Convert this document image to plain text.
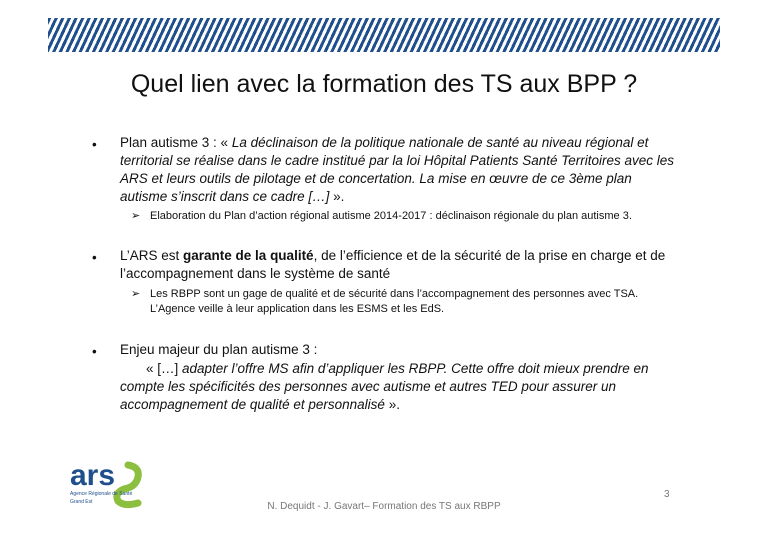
Quel lien avec la formation des TS aux BPP ?
• Plan autisme 3 : « La déclinaison de la politique nationale de santé au niveau régional et territorial se réalise dans le cadre institué par la loi Hôpital Patients Santé Territoires avec les ARS et leurs outils de pilotage et de concertation. La mise en œuvre de ce 3ème plan autisme s’inscrit dans ce cadre […] ».
➢ Elaboration du Plan d’action régional autisme 2014-2017 : déclinaison régionale du plan autisme 3.
• L’ARS est garante de la qualité, de l’efficience et de la sécurité de la prise en charge et de l’accompagnement dans le système de santé
➢ Les RBPP sont un gage de qualité et de sécurité dans l’accompagnement des personnes avec TSA.
L’Agence veille à leur application dans les ESMS et les EdS.
• Enjeu majeur du plan autisme 3 :
« […] adapter l’offre MS afin d’appliquer les RBPP. Cette offre doit mieux prendre en compte les spécificités des personnes avec autisme et autres TED pour assurer un accompagnement de qualité et personnalisé ».
ars
Agence Régionale de Santé
Grand Est
3
N. Dequidt - J. Gavart– Formation des TS aux RBPP
